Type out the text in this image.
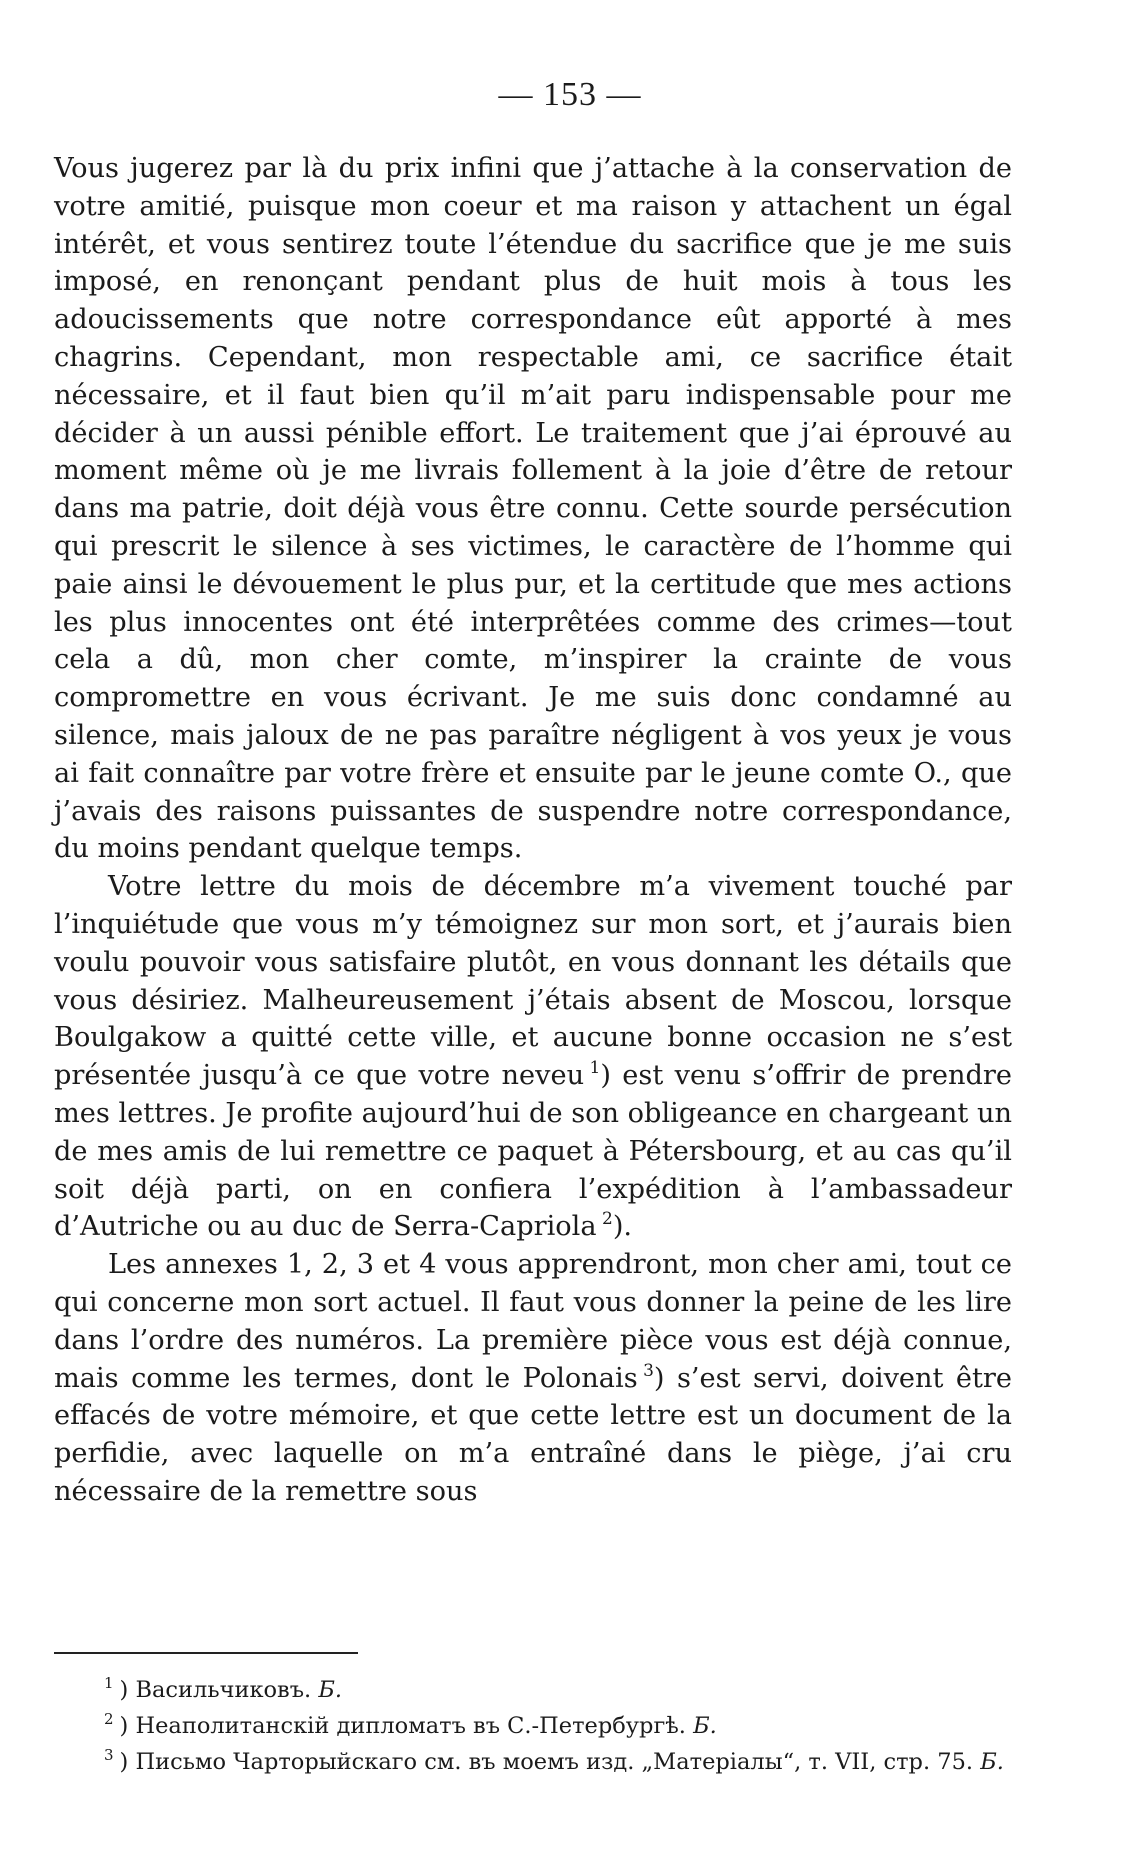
— 153 —

Vous jugerez par là du prix infini que j’attache à la conservation de votre amitié, puisque mon coeur et ma raison y attachent un égal intérêt, et vous sentirez toute l’étendue du sacrifice que je me suis imposé, en renonçant pendant plus de huit mois à tous les adoucissements que notre correspondance eût apporté à mes chagrins. Cependant, mon respectable ami, ce sacrifice était nécessaire, et il faut bien qu’il m’ait paru indispensable pour me décider à un aussi pénible effort. Le traitement que j’ai éprouvé au moment même où je me livrais follement à la joie d’être de retour dans ma patrie, doit déjà vous être connu. Cette sourde persécution qui prescrit le silence à ses victimes, le caractère de l’homme qui paie ainsi le dévouement le plus pur, et la certitude que mes actions les plus innocentes ont été interprêtées comme des crimes—tout cela a dû, mon cher comte, m’inspirer la crainte de vous compromettre en vous écrivant. Je me suis donc condamné au silence, mais jaloux de ne pas paraître négligent à vos yeux je vous ai fait connaître par votre frère et ensuite par le jeune comte O., que j’avais des raisons puissantes de suspendre notre correspondance, du moins pendant quelque temps.

Votre lettre du mois de décembre m’a vivement touché par l’inquiétude que vous m’y témoignez sur mon sort, et j’aurais bien voulu pouvoir vous satisfaire plutôt, en vous donnant les détails que vous désiriez. Malheureusement j’étais absent de Moscou, lorsque Boulgakow a quitté cette ville, et aucune bonne occasion ne s’est présentée jusqu’à ce que votre neveu  $^1$) est venu s’offrir de prendre mes lettres. Je profite aujourd’hui de son obligeance en chargeant un de mes amis de lui remettre ce paquet à Pétersbourg, et au cas qu’il soit déjà parti, on en confiera l’expédition à l’ambassadeur d’Autriche ou au duc de Serra-Capriola  $^2$).

Les annexes 1, 2, 3 et 4 vous apprendront, mon cher ami, tout ce qui concerne mon sort actuel. Il faut vous donner la peine de les lire dans l’ordre des numéros. La première pièce vous est déjà connue, mais comme les termes, dont le Polonais  $^3$) s’est servi, doivent être effacés de votre mémoire, et que cette lettre est un document de la perfidie, avec laquelle on m’a entraîné dans le piège, j’ai cru nécessaire de la remettre sous

$^1$ ) Васильчиковъ. Б.
$^2$ ) Неаполитанскій дипломатъ въ С.-Петербургѣ. Б.
$^3$ ) Письмо Чарторыйскаго см. въ моемъ изд. „Матеріалы“, т. VII, стр. 75. Б.
